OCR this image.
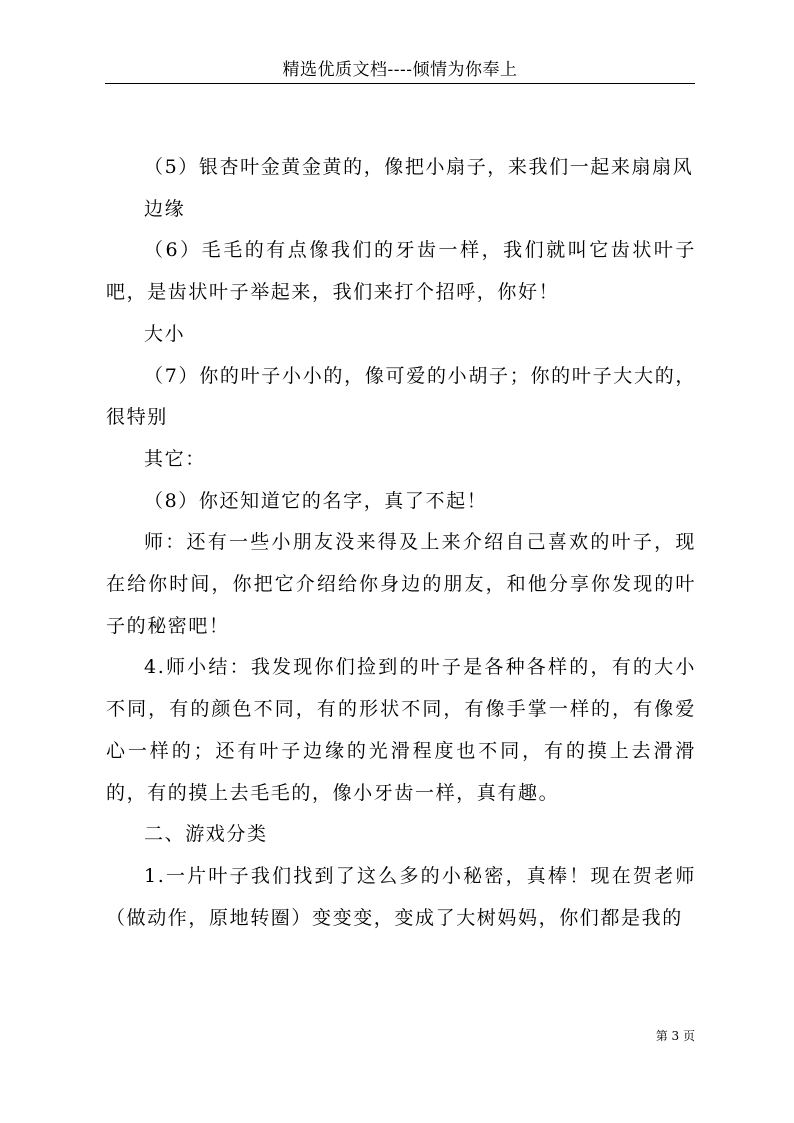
精选优质文档----倾情为你奉上

（5）银杏叶金黄金黄的，像把小扇子，来我们一起来扇扇风

边缘

（6）毛毛的有点像我们的牙齿一样，我们就叫它齿状叶子吧，是齿状叶子举起来，我们来打个招呼，你好！

大小

（7）你的叶子小小的，像可爱的小胡子；你的叶子大大的，很特别

其它：

（8）你还知道它的名字，真了不起！

师：还有一些小朋友没来得及上来介绍自己喜欢的叶子，现在给你时间，你把它介绍给你身边的朋友，和他分享你发现的叶子的秘密吧！

4.师小结：我发现你们捡到的叶子是各种各样的，有的大小不同，有的颜色不同，有的形状不同，有像手掌一样的，有像爱心一样的；还有叶子边缘的光滑程度也不同，有的摸上去滑滑的，有的摸上去毛毛的，像小牙齿一样，真有趣。

二、游戏分类

1.一片叶子我们找到了这么多的小秘密，真棒！现在贺老师（做动作，原地转圈）变变变，变成了大树妈妈，你们都是我的

第 3 页
